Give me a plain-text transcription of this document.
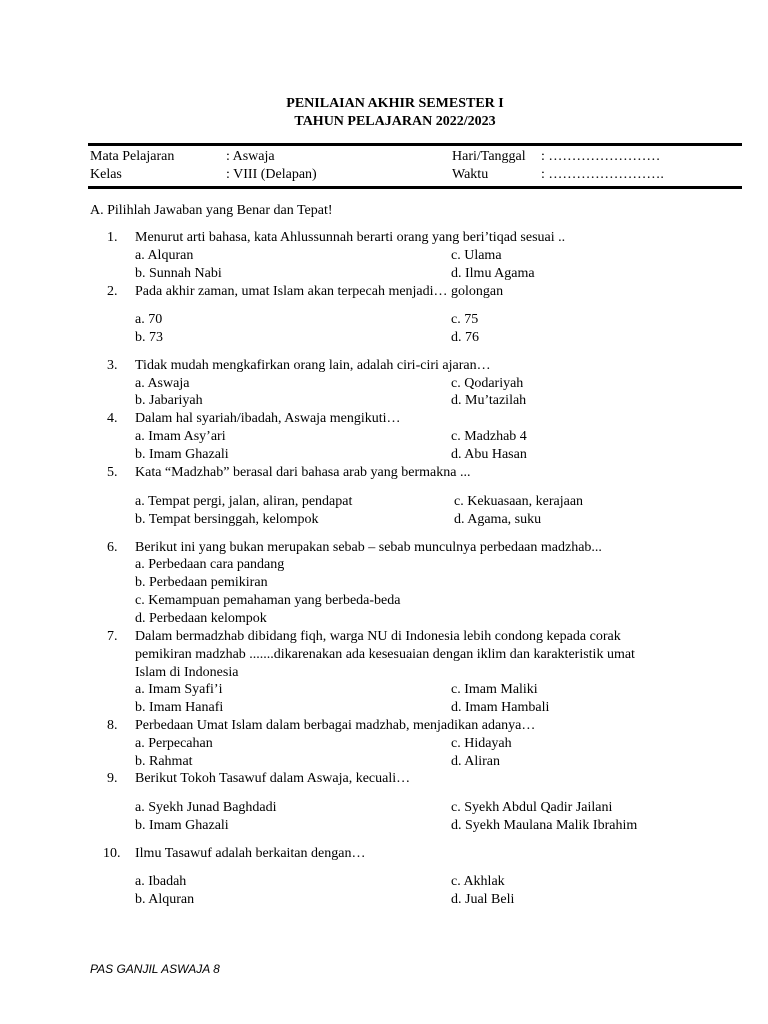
PENILAIAN AKHIR SEMESTER I
TAHUN PELAJARAN 2022/2023
Mata Pelajaran	: Aswaja	Hari/Tanggal : ……………………
Kelas	: VIII (Delapan)	Waktu	: …………………….
A. Pilihlah Jawaban yang Benar dan Tepat!
1. Menurut arti bahasa, kata Ahlussunnah berarti orang yang beri’tiqad sesuai ..
a. Alquran	c. Ulama
b. Sunnah Nabi	d. Ilmu Agama
2. Pada akhir zaman, umat Islam akan terpecah menjadi… golongan
a. 70	c. 75
b. 73	d. 76
3. Tidak mudah mengkafirkan orang lain, adalah ciri-ciri ajaran…
a. Aswaja	c. Qodariyah
b. Jabariyah	d. Mu’tazilah
4. Dalam hal syariah/ibadah, Aswaja mengikuti…
a. Imam Asy’ari	c. Madzhab 4
b. Imam Ghazali	d. Abu Hasan
5. Kata “Madzhab” berasal dari bahasa arab yang bermakna ...
a. Tempat pergi, jalan, aliran, pendapat	c. Kekuasaan, kerajaan
b. Tempat bersinggah, kelompok	d. Agama, suku
6. Berikut ini yang bukan merupakan sebab – sebab munculnya perbedaan madzhab...
a. Perbedaan cara pandang
b. Perbedaan pemikiran
c. Kemampuan pemahaman yang berbeda-beda
d. Perbedaan kelompok
7. Dalam bermadzhab dibidang fiqh, warga NU di Indonesia lebih condong kepada corak
pemikiran madzhab .......dikarenakan ada kesesuaian dengan iklim dan karakteristik umat
Islam di Indonesia
a. Imam Syafi’i	c. Imam Maliki
b. Imam Hanafi	d. Imam Hambali
8. Perbedaan Umat Islam dalam berbagai madzhab, menjadikan adanya…
a. Perpecahan	c. Hidayah
b. Rahmat	d. Aliran
9. Berikut Tokoh Tasawuf dalam Aswaja, kecuali…
a. Syekh Junad Baghdadi	c. Syekh Abdul Qadir Jailani
b. Imam Ghazali	d. Syekh Maulana Malik Ibrahim
10. Ilmu Tasawuf adalah berkaitan dengan…
a. Ibadah	c. Akhlak
b. Alquran	d. Jual Beli
PAS GANJIL ASWAJA 8
